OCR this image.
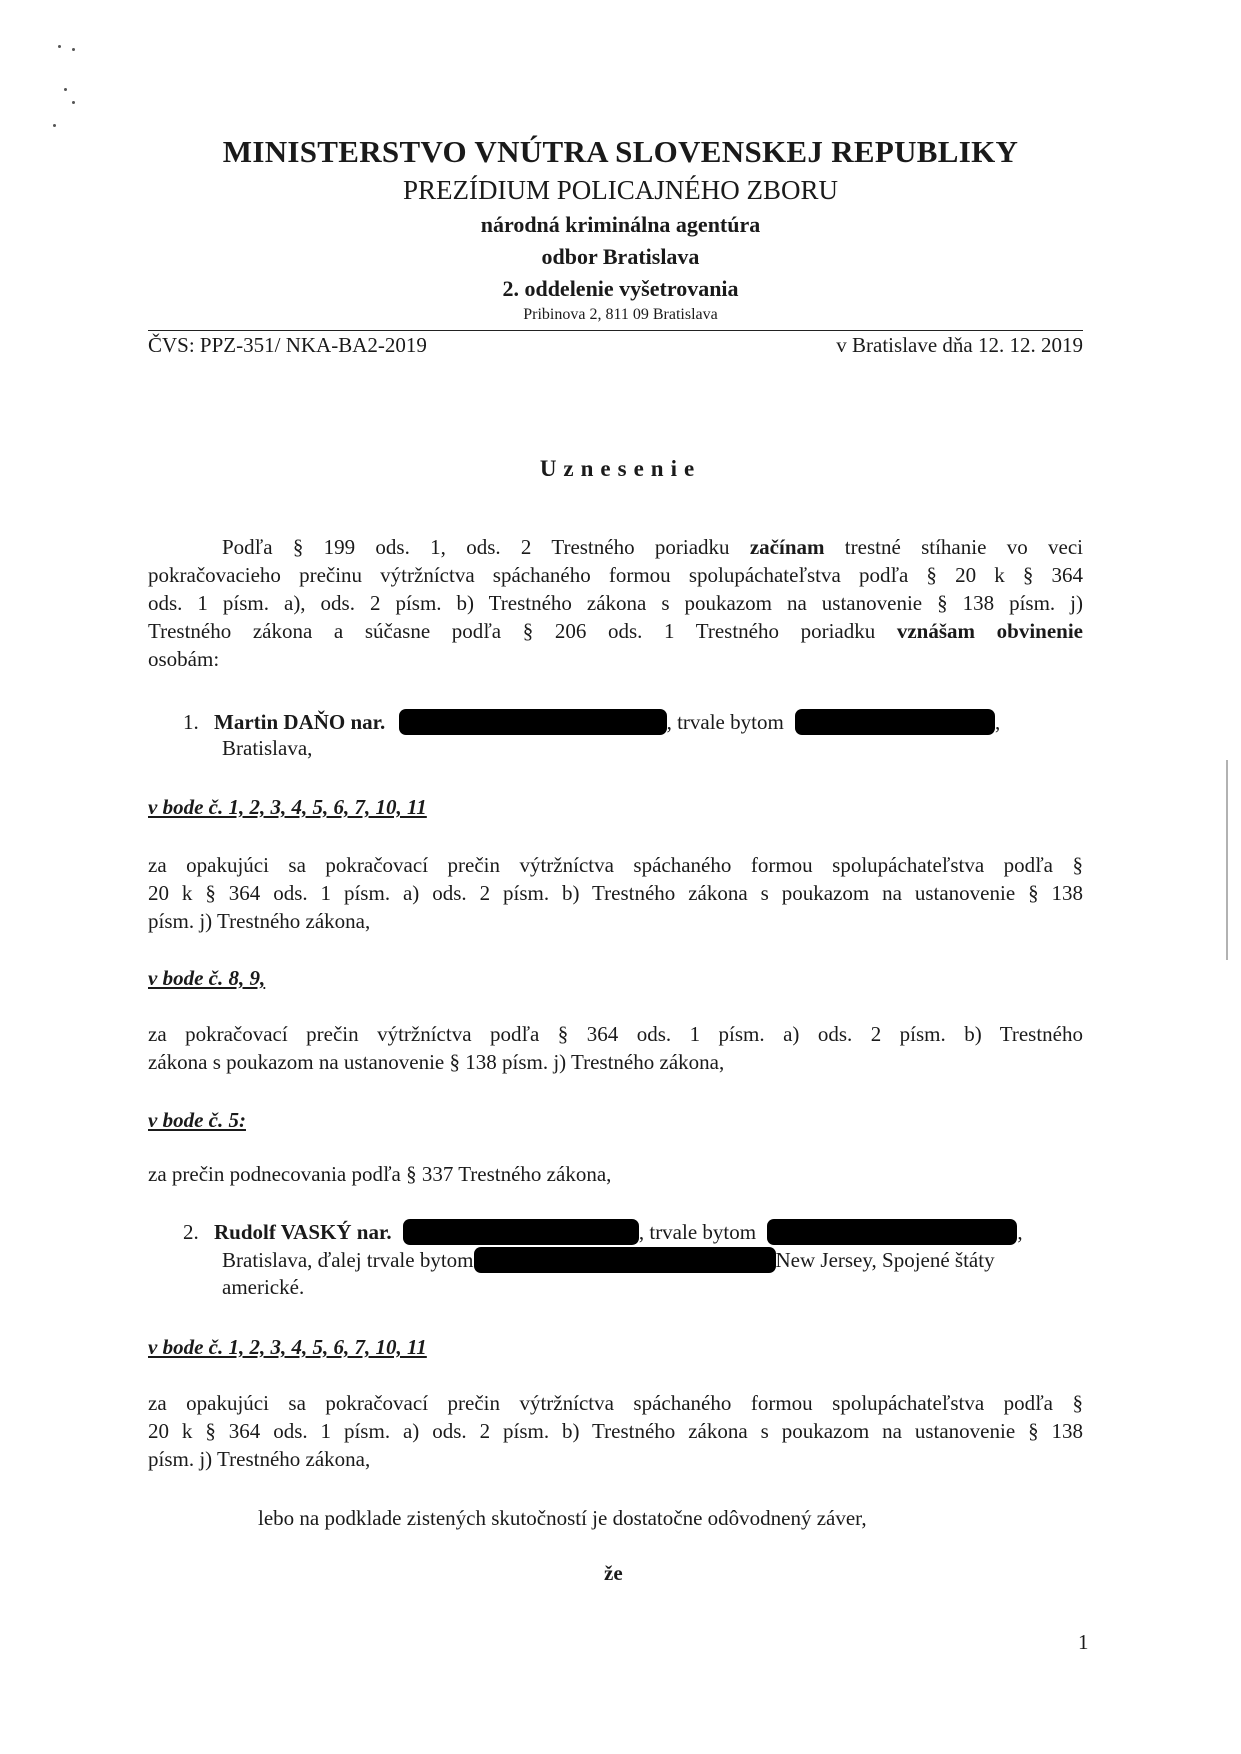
MINISTERSTVO VNÚTRA SLOVENSKEJ REPUBLIKY
PREZÍDIUM POLICAJNÉHO ZBORU
národná kriminálna agentúra
odbor Bratislava
2. oddelenie vyšetrovania
Pribinova 2, 811 09 Bratislava
ČVS: PPZ-351/ NKA-BA2-2019	v Bratislave dňa 12. 12. 2019
Uznesenie
Podľa § 199 ods. 1, ods. 2 Trestného poriadku začínam trestné stíhanie vo veci
pokračovacieho prečinu výtržníctva spáchaného formou spolupáchateľstva podľa § 20 k § 364
ods. 1 písm. a), ods. 2 písm. b) Trestného zákona s poukazom na ustanovenie § 138 písm. j)
Trestného zákona a súčasne podľa § 206 ods. 1 Trestného poriadku vznášam obvinenie
osobám:
1. Martin DAŇO nar.	, trvale bytom	,
Bratislava,
v bode č. 1, 2, 3, 4, 5, 6, 7, 10, 11
za opakujúci sa pokračovací prečin výtržníctva spáchaného formou spolupáchateľstva podľa §
20 k § 364 ods. 1 písm. a) ods. 2 písm. b) Trestného zákona s poukazom na ustanovenie § 138
písm. j) Trestného zákona,
v bode č. 8, 9,
za pokračovací prečin výtržníctva podľa § 364 ods. 1 písm. a) ods. 2 písm. b) Trestného
zákona s poukazom na ustanovenie § 138 písm. j) Trestného zákona,
v bode č. 5:
za prečin podnecovania podľa § 337 Trestného zákona,
2. Rudolf VASKÝ nar.	, trvale bytom	,
Bratislava, ďalej trvale bytom	New Jersey, Spojené štáty
americké.
v bode č. 1, 2, 3, 4, 5, 6, 7, 10, 11
za opakujúci sa pokračovací prečin výtržníctva spáchaného formou spolupáchateľstva podľa §
20 k § 364 ods. 1 písm. a) ods. 2 písm. b) Trestného zákona s poukazom na ustanovenie § 138
písm. j) Trestného zákona,
lebo na podklade zistených skutočností je dostatočne odôvodnený záver,
že
1
